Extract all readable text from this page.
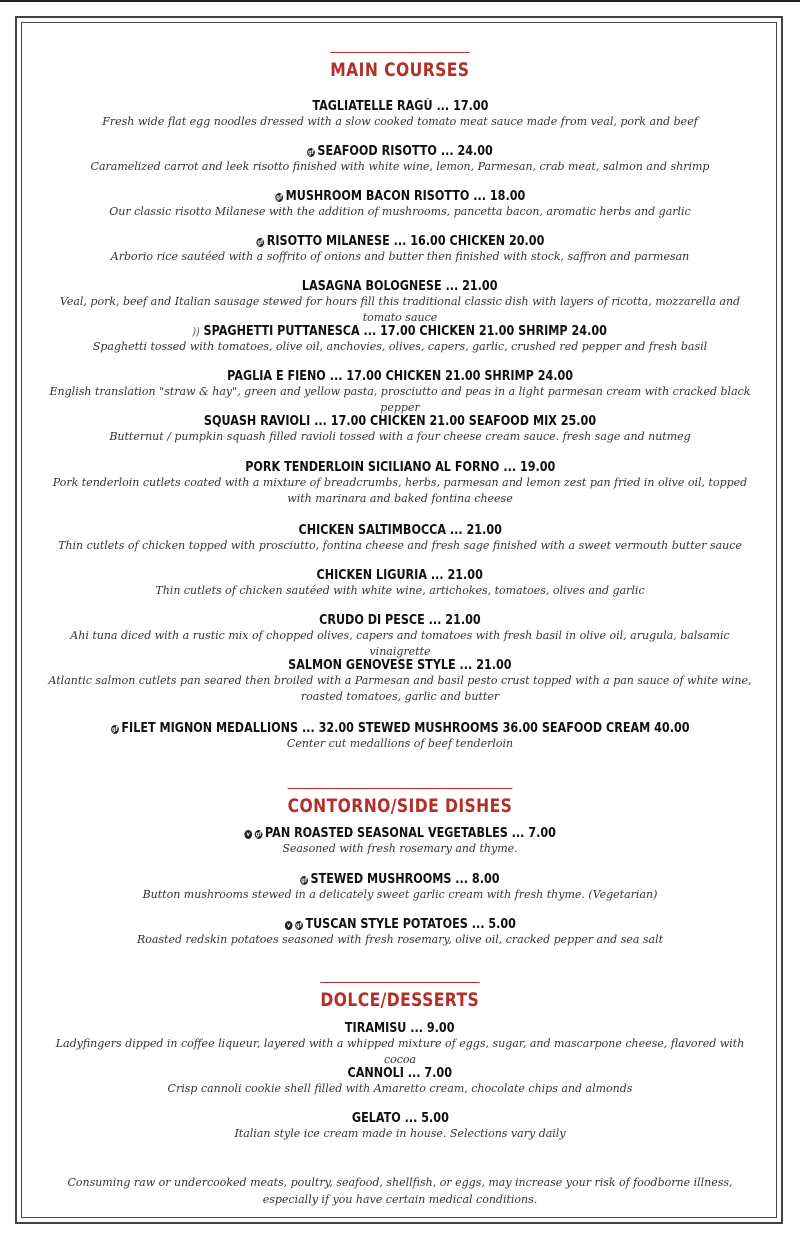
MAIN COURSES
TAGLIATELLE RAGÙ ... 17.00
Fresh wide flat egg noodles dressed with a slow cooked tomato meat sauce made from veal, pork and beef
gf SEAFOOD RISOTTO ... 24.00
Caramelized carrot and leek risotto finished with white wine, lemon, Parmesan, crab meat, salmon and shrimp
gf MUSHROOM BACON RISOTTO ... 18.00
Our classic risotto Milanese with the addition of mushrooms, pancetta bacon, aromatic herbs and garlic
gf RISOTTO MILANESE ... 16.00 CHICKEN 20.00
Arborio rice sautéed with a soffrito of onions and butter then finished with stock, saffron and parmesan
LASAGNA BOLOGNESE ... 21.00
Veal, pork, beef and Italian sausage stewed for hours fill this traditional classic dish with layers of ricotta, mozzarella and tomato sauce
)) SPAGHETTI PUTTANESCA ... 17.00 CHICKEN 21.00 SHRIMP 24.00
Spaghetti tossed with tomatoes, olive oil, anchovies, olives, capers, garlic, crushed red pepper and fresh basil
PAGLIA E FIENO ... 17.00 CHICKEN 21.00 SHRIMP 24.00
English translation "straw & hay", green and yellow pasta, prosciutto and peas in a light parmesan cream with cracked black pepper
SQUASH RAVIOLI ... 17.00 CHICKEN 21.00 SEAFOOD MIX 25.00
Butternut / pumpkin squash filled ravioli tossed with a four cheese cream sauce. fresh sage and nutmeg
PORK TENDERLOIN SICILIANO AL FORNO ... 19.00
Pork tenderloin cutlets coated with a mixture of breadcrumbs, herbs, parmesan and lemon zest pan fried in olive oil, topped with marinara and baked fontina cheese
CHICKEN SALTIMBOCCA ... 21.00
Thin cutlets of chicken topped with prosciutto, fontina cheese and fresh sage finished with a sweet vermouth butter sauce
CHICKEN LIGURIA ... 21.00
Thin cutlets of chicken sautéed with white wine, artichokes, tomatoes, olives and garlic
CRUDO DI PESCE ... 21.00
Ahi tuna diced with a rustic mix of chopped olives, capers and tomatoes with fresh basil in olive oil, arugula, balsamic vinaigrette
SALMON GENOVESE STYLE ... 21.00
Atlantic salmon cutlets pan seared then broiled with a Parmesan and basil pesto crust topped with a pan sauce of white wine, roasted tomatoes, garlic and butter
gf FILET MIGNON MEDALLIONS ... 32.00 STEWED MUSHROOMS 36.00 SEAFOOD CREAM 40.00
Center cut medallions of beef tenderloin
CONTORNO/SIDE DISHES
v gf PAN ROASTED SEASONAL VEGETABLES ... 7.00
Seasoned with fresh rosemary and thyme.
gf STEWED MUSHROOMS ... 8.00
Button mushrooms stewed in a delicately sweet garlic cream with fresh thyme. (Vegetarian)
v gf TUSCAN STYLE POTATOES ... 5.00
Roasted redskin potatoes seasoned with fresh rosemary, olive oil, cracked pepper and sea salt
DOLCE/DESSERTS
TIRAMISU ... 9.00
Ladyfingers dipped in coffee liqueur, layered with a whipped mixture of eggs, sugar, and mascarpone cheese, flavored with cocoa
CANNOLI ... 7.00
Crisp cannoli cookie shell filled with Amaretto cream, chocolate chips and almonds
GELATO ... 5.00
Italian style ice cream made in house. Selections vary daily
Consuming raw or undercooked meats, poultry, seafood, shellfish, or eggs, may increase your risk of foodborne illness, especially if you have certain medical conditions.
